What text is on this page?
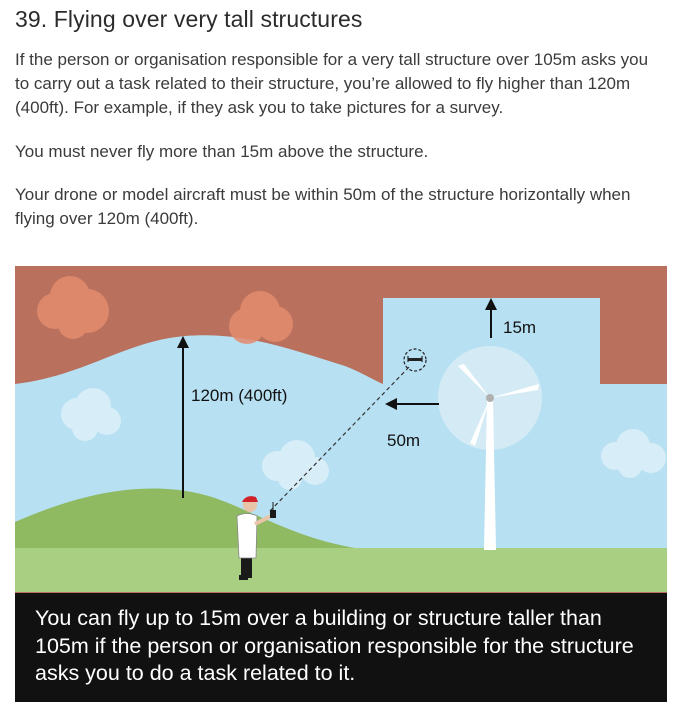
39. Flying over very tall structures

If the person or organisation responsible for a very tall structure over 105m asks you to carry out a task related to their structure, you’re allowed to fly higher than 120m (400ft). For example, if they ask you to take pictures for a survey.

You must never fly more than 15m above the structure.

Your drone or model aircraft must be within 50m of the structure horizontally when flying over 120m (400ft).

120m (400ft)
15m
50m

You can fly up to 15m over a building or structure taller than 105m if the person or organisation responsible for the structure asks you to do a task related to it.
